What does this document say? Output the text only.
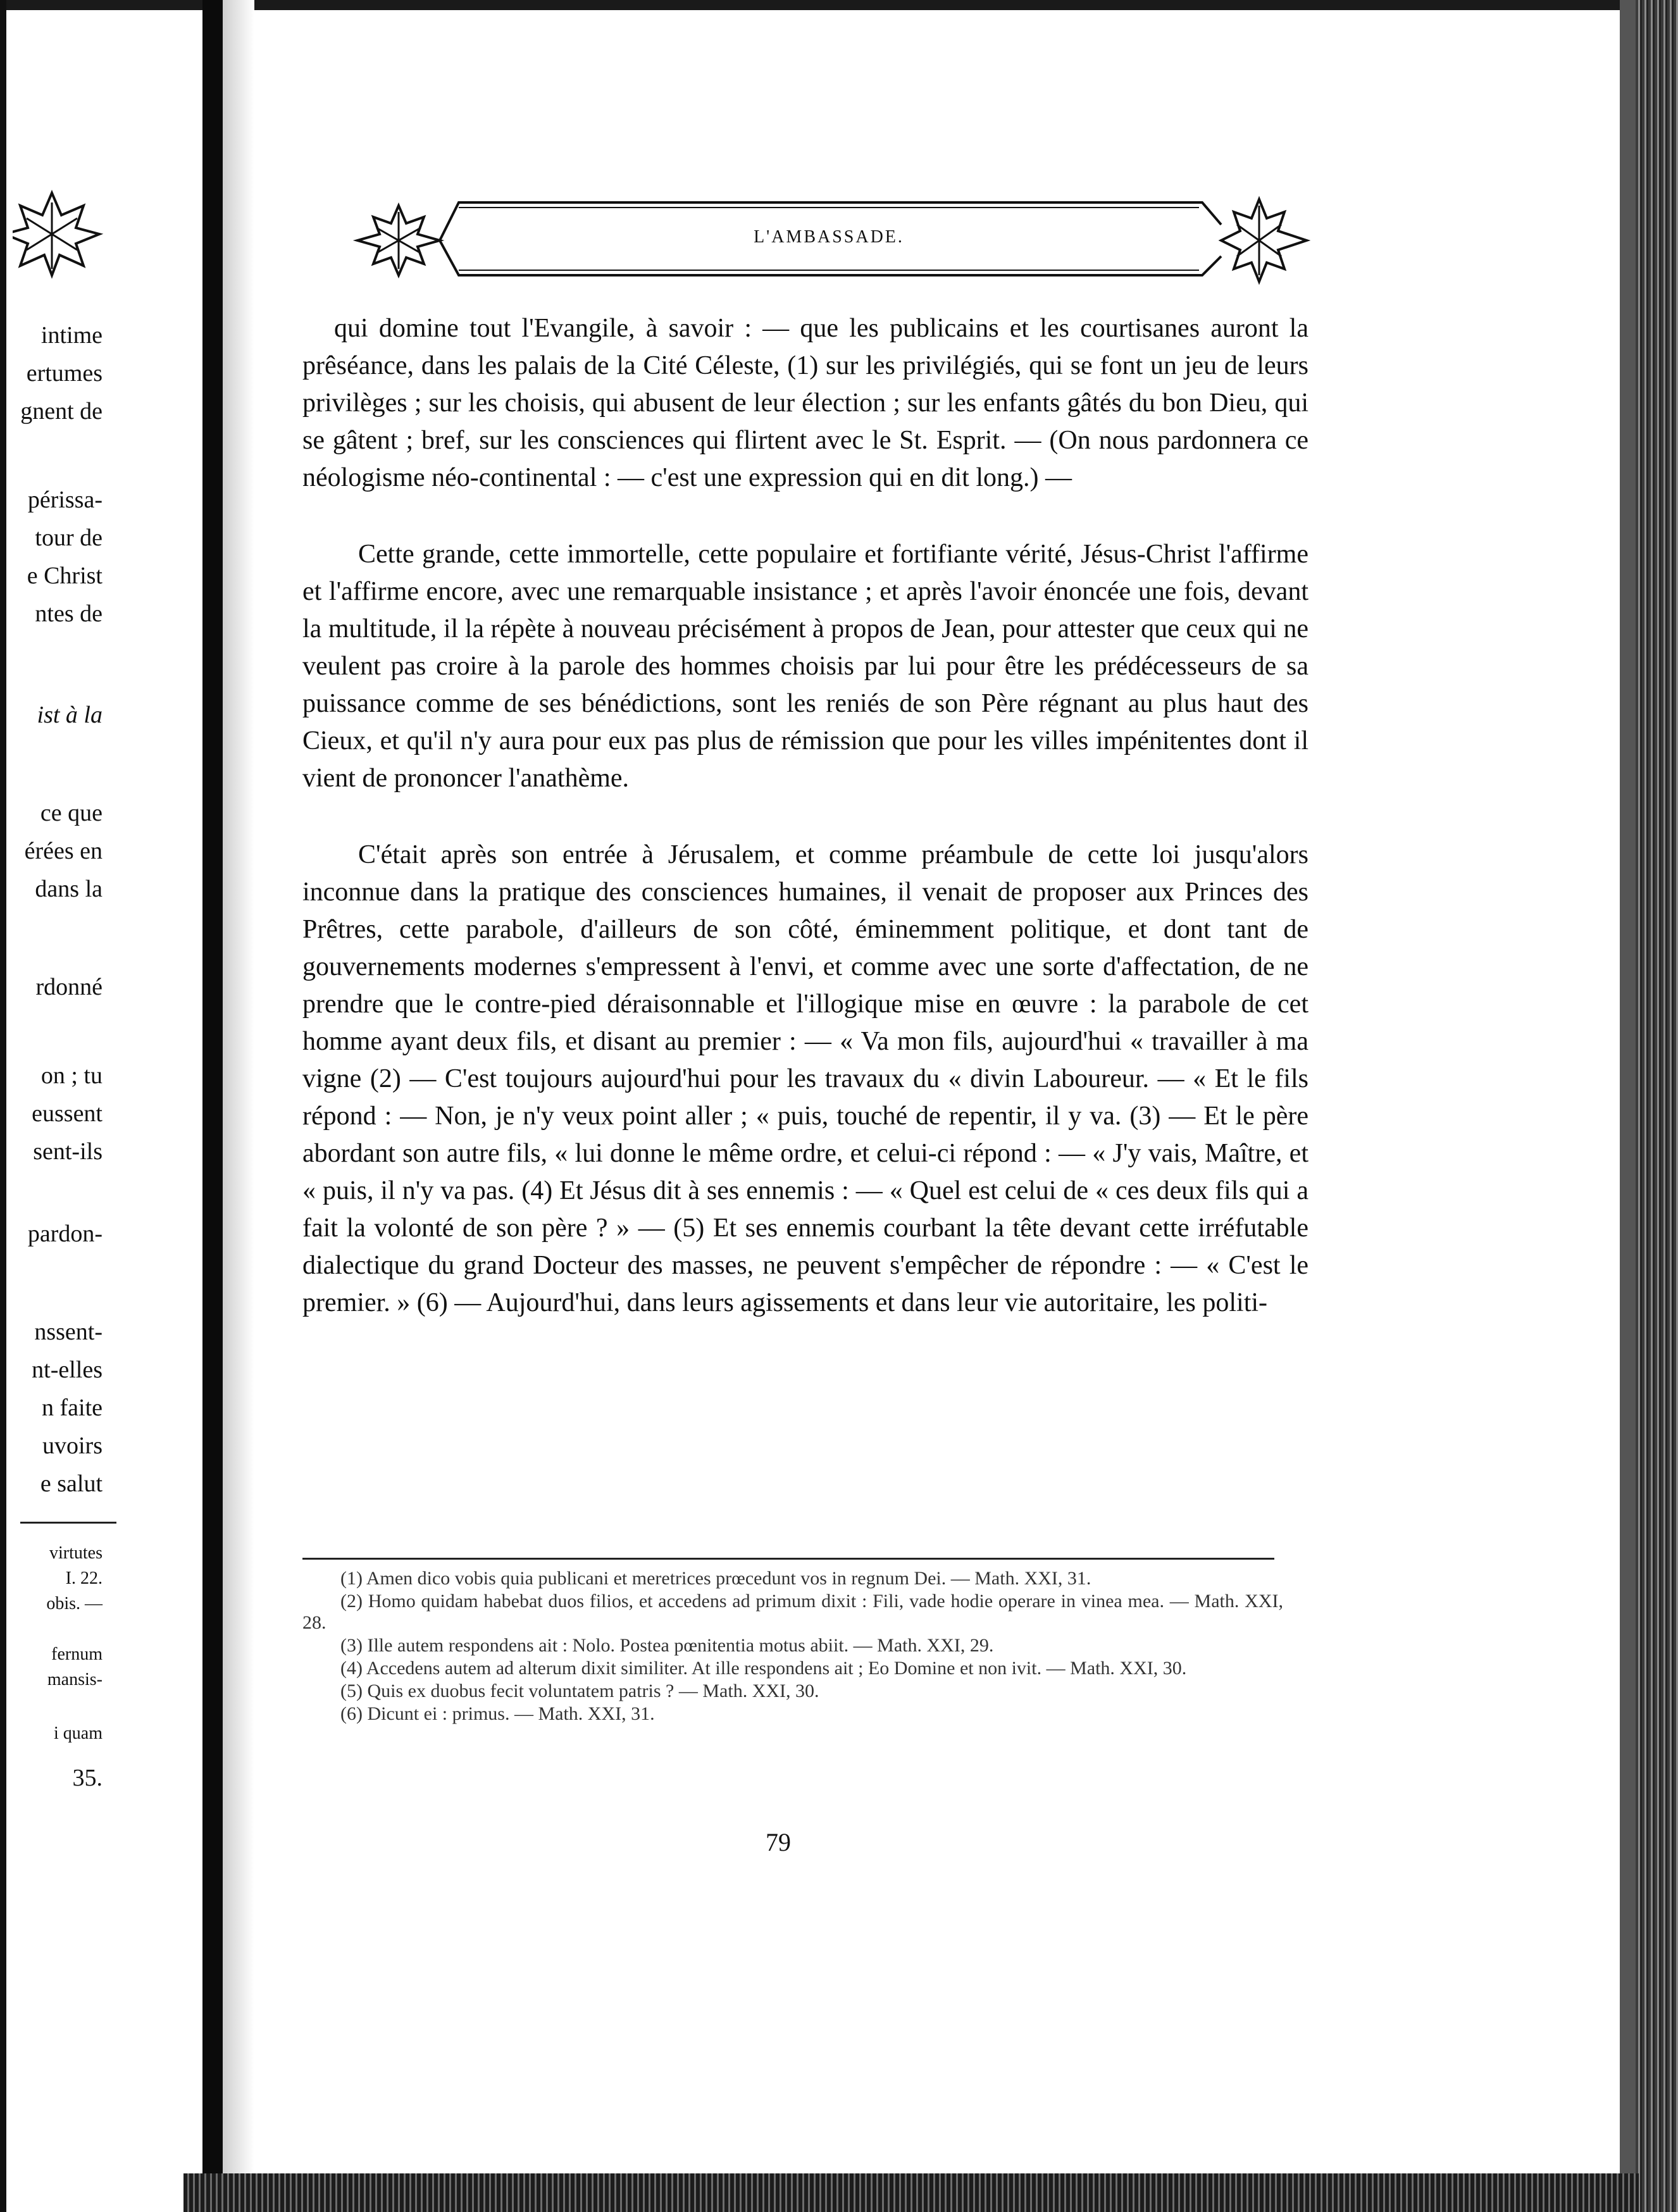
intime
ertumes
gnent de
périssa-
tour de
e Christ
ntes de
ist à la
ce que
érées en
dans la
rdonné
on ; tu
eussent
sent-ils
pardon-
nssent-
nt-elles
n faite
uvoirs
e salut
virtutes
I. 22.
obis. —
fernum
mansis-
i quam
35.
L'AMBASSADE.

qui domine tout l'Evangile, à savoir : — que les publicains et les courtisanes auront la prêséance, dans les palais de la Cité Céleste, (1) sur les privilégiés, qui se font un jeu de leurs privilèges ; sur les choisis, qui abusent de leur élection ; sur les enfants gâtés du bon Dieu, qui se gâtent ; bref, sur les consciences qui flirtent avec le St. Esprit. — (On nous pardonnera ce néologisme néo-continental : — c'est une expression qui en dit long.) —

Cette grande, cette immortelle, cette populaire et fortifiante vérité, Jésus-Christ l'affirme et l'affirme encore, avec une remarquable insistance ; et après l'avoir énoncée une fois, devant la multitude, il la répète à nouveau précisément à propos de Jean, pour attester que ceux qui ne veulent pas croire à la parole des hommes choisis par lui pour être les prédécesseurs de sa puissance comme de ses bénédictions, sont les reniés de son Père régnant au plus haut des Cieux, et qu'il n'y aura pour eux pas plus de rémission que pour les villes impénitentes dont il vient de prononcer l'anathème.

C'était après son entrée à Jérusalem, et comme préambule de cette loi jusqu'alors inconnue dans la pratique des consciences humaines, il venait de proposer aux Princes des Prêtres, cette parabole, d'ailleurs de son côté, éminemment politique, et dont tant de gouvernements modernes s'empressent à l'envi, et comme avec une sorte d'affectation, de ne prendre que le contre-pied déraisonnable et l'illogique mise en œuvre : la parabole de cet homme ayant deux fils, et disant au premier : — « Va mon fils, aujourd'hui « travailler à ma vigne (2) — C'est toujours aujourd'hui pour les travaux du « divin Laboureur. — « Et le fils répond : — Non, je n'y veux point aller ; « puis, touché de repentir, il y va. (3) — Et le père abordant son autre fils, « lui donne le même ordre, et celui-ci répond : — « J'y vais, Maître, et « puis, il n'y va pas. (4) Et Jésus dit à ses ennemis : — « Quel est celui de « ces deux fils qui a fait la volonté de son père ? » — (5) Et ses ennemis courbant la tête devant cette irréfutable dialectique du grand Docteur des masses, ne peuvent s'empêcher de répondre : — « C'est le premier. » (6) — Aujourd'hui, dans leurs agissements et dans leur vie autoritaire, les politi-

(1) Amen dico vobis quia publicani et meretrices prœcedunt vos in regnum Dei. — Math. XXI, 31.

(2) Homo quidam habebat duos filios, et accedens ad primum dixit : Fili, vade hodie operare in vinea mea. — Math. XXI, 28.

(3) Ille autem respondens ait : Nolo. Postea pœnitentia motus abiit. — Math. XXI, 29.

(4) Accedens autem ad alterum dixit similiter. At ille respondens ait ; Eo Domine et non ivit. — Math. XXI, 30.

(5) Quis ex duobus fecit voluntatem patris ? — Math. XXI, 30.

(6) Dicunt ei : primus. — Math. XXI, 31.

79
